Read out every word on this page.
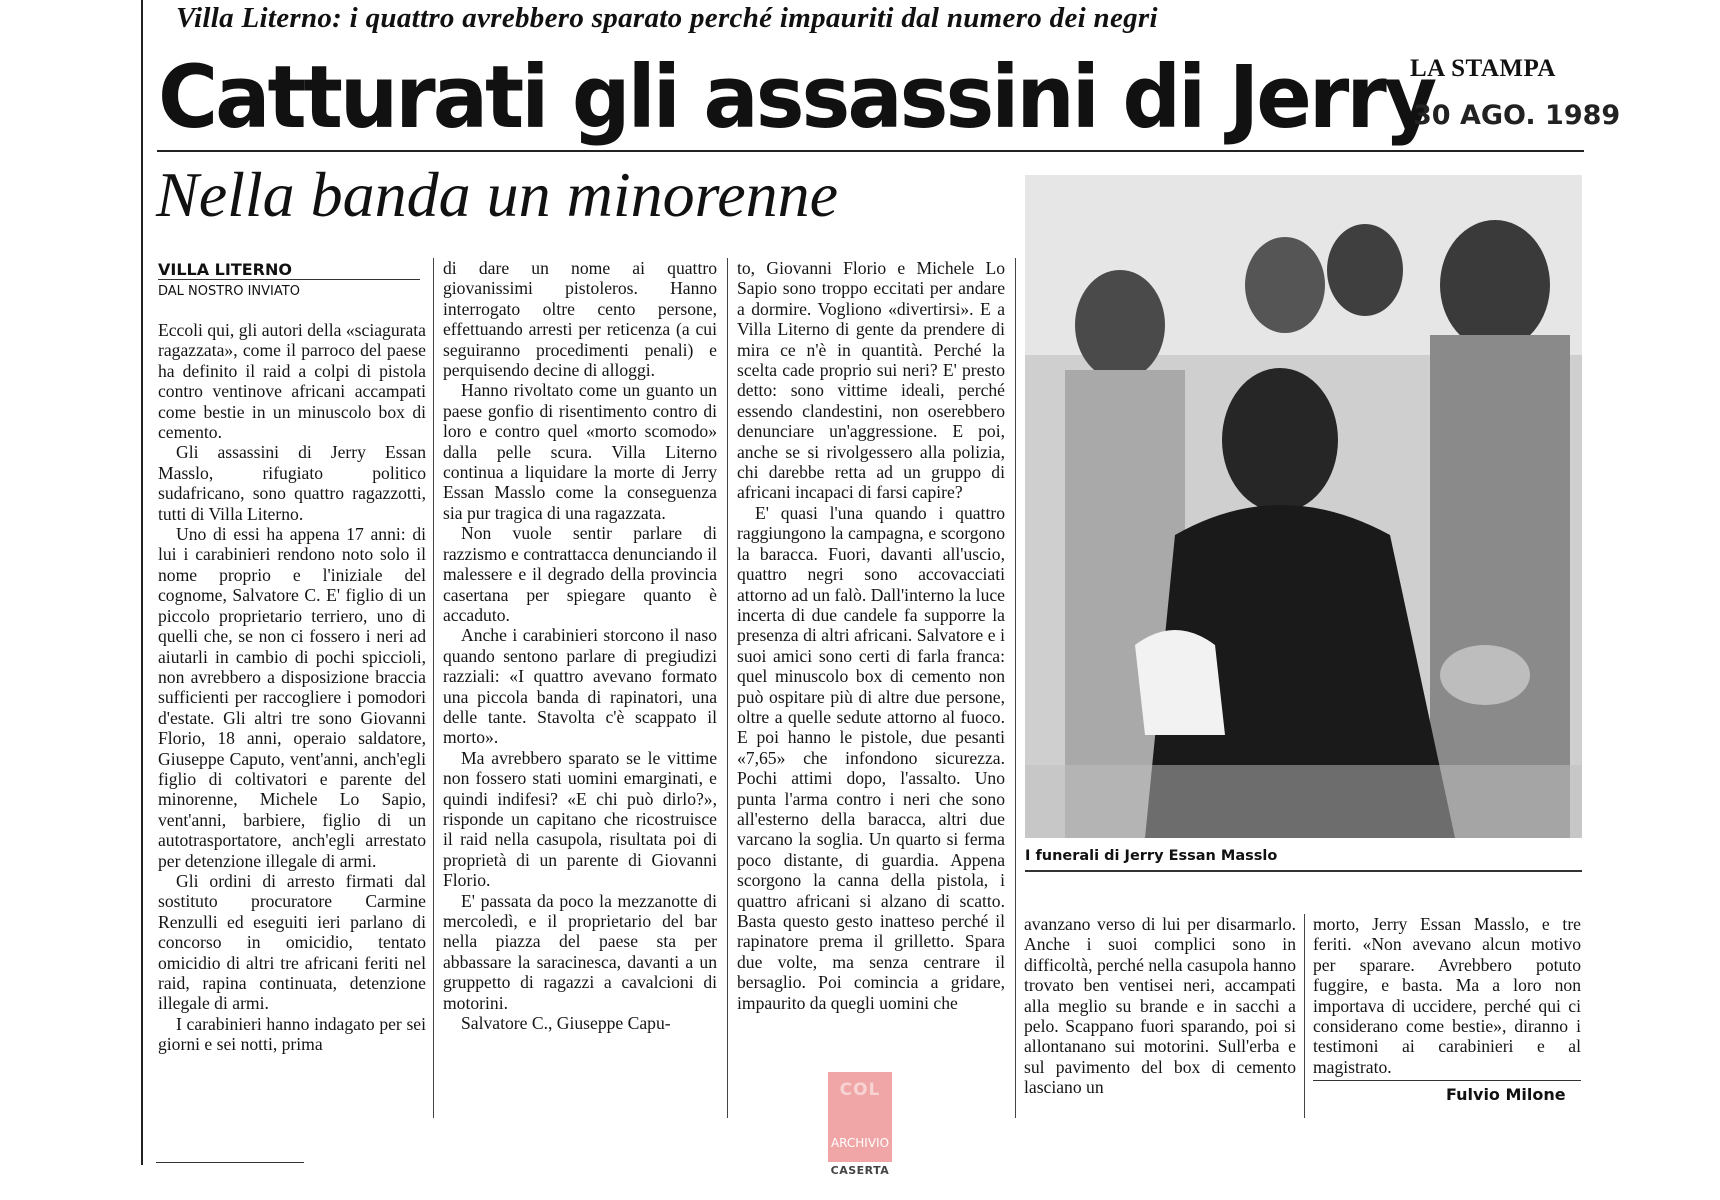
Villa Literno: i quattro avrebbero sparato perché impauriti dal numero dei negri
Catturati gli assassini di Jerry
LA STAMPA
30 AGO. 1989
Nella banda un minorenne
VILLA LITERNO
DAL NOSTRO INVIATO

Eccoli qui, gli autori della «sciagurata ragazzata», come il parroco del paese ha definito il raid a colpi di pistola contro ventinove africani accampati come bestie in un minuscolo box di cemento.

Gli assassini di Jerry Essan Masslo, rifugiato politico sudafricano, sono quattro ragazzotti, tutti di Villa Literno.

Uno di essi ha appena 17 anni: di lui i carabinieri rendono noto solo il nome proprio e l'iniziale del cognome, Salvatore C. E' figlio di un piccolo proprietario terriero, uno di quelli che, se non ci fossero i neri ad aiutarli in cambio di pochi spiccioli, non avrebbero a disposizione braccia sufficienti per raccogliere i pomodori d'estate. Gli altri tre sono Giovanni Florio, 18 anni, operaio saldatore, Giuseppe Caputo, vent'anni, anch'egli figlio di coltivatori e parente del minorenne, Michele Lo Sapio, vent'anni, barbiere, figlio di un autotrasportatore, anch'egli arrestato per detenzione illegale di armi.

Gli ordini di arresto firmati dal sostituto procuratore Carmine Renzulli ed eseguiti ieri parlano di concorso in omicidio, tentato omicidio di altri tre africani feriti nel raid, rapina continuata, detenzione illegale di armi.

I carabinieri hanno indagato per sei giorni e sei notti, prima

di dare un nome ai quattro giovanissimi pistoleros. Hanno interrogato oltre cento persone, effettuando arresti per reticenza (a cui seguiranno procedimenti penali) e perquisendo decine di alloggi.

Hanno rivoltato come un guanto un paese gonfio di risentimento contro di loro e contro quel «morto scomodo» dalla pelle scura. Villa Literno continua a liquidare la morte di Jerry Essan Masslo come la conseguenza sia pur tragica di una ragazzata.

Non vuole sentir parlare di razzismo e contrattacca denunciando il malessere e il degrado della provincia casertana per spiegare quanto è accaduto.

Anche i carabinieri storcono il naso quando sentono parlare di pregiudizi razziali: «I quattro avevano formato una piccola banda di rapinatori, una delle tante. Stavolta c'è scappato il morto».

Ma avrebbero sparato se le vittime non fossero stati uomini emarginati, e quindi indifesi? «E chi può dirlo?», risponde un capitano che ricostruisce il raid nella casupola, risultata poi di proprietà di un parente di Giovanni Florio.

E' passata da poco la mezzanotte di mercoledì, e il proprietario del bar nella piazza del paese sta per abbassare la saracinesca, davanti a un gruppetto di ragazzi a cavalcioni di motorini.

Salvatore C., Giuseppe Capu-

to, Giovanni Florio e Michele Lo Sapio sono troppo eccitati per andare a dormire. Vogliono «divertirsi». E a Villa Literno di gente da prendere di mira ce n'è in quantità. Perché la scelta cade proprio sui neri? E' presto detto: sono vittime ideali, perché essendo clandestini, non oserebbero denunciare un'aggressione. E poi, anche se si rivolgessero alla polizia, chi darebbe retta ad un gruppo di africani incapaci di farsi capire?

E' quasi l'una quando i quattro raggiungono la campagna, e scorgono la baracca. Fuori, davanti all'uscio, quattro negri sono accovacciati attorno ad un falò. Dall'interno la luce incerta di due candele fa supporre la presenza di altri africani. Salvatore e i suoi amici sono certi di farla franca: quel minuscolo box di cemento non può ospitare più di altre due persone, oltre a quelle sedute attorno al fuoco. E poi hanno le pistole, due pesanti «7,65» che infondono sicurezza. Pochi attimi dopo, l'assalto. Uno punta l'arma contro i neri che sono all'esterno della baracca, altri due varcano la soglia. Un quarto si ferma poco distante, di guardia. Appena scorgono la canna della pistola, i quattro africani si alzano di scatto. Basta questo gesto inatteso perché il rapinatore prema il grilletto. Spara due volte, ma senza centrare il bersaglio. Poi comincia a gridare, impaurito da quegli uomini che

I funerali di Jerry Essan Masslo

avanzano verso di lui per disarmarlo. Anche i suoi complici sono in difficoltà, perché nella casupola hanno trovato ben ventisei neri, accampati alla meglio su brande e in sacchi a pelo. Scappano fuori sparando, poi si allontanano sui motorini. Sull'erba e sul pavimento del box di cemento lasciano un

morto, Jerry Essan Masslo, e tre feriti. «Non avevano alcun motivo per sparare. Avrebbero potuto fuggire, e basta. Ma a loro non importava di uccidere, perché qui ci considerano come bestie», diranno i testimoni ai carabinieri e al magistrato.

Fulvio Milone
COL
ARCHIVIO
CASERTA
